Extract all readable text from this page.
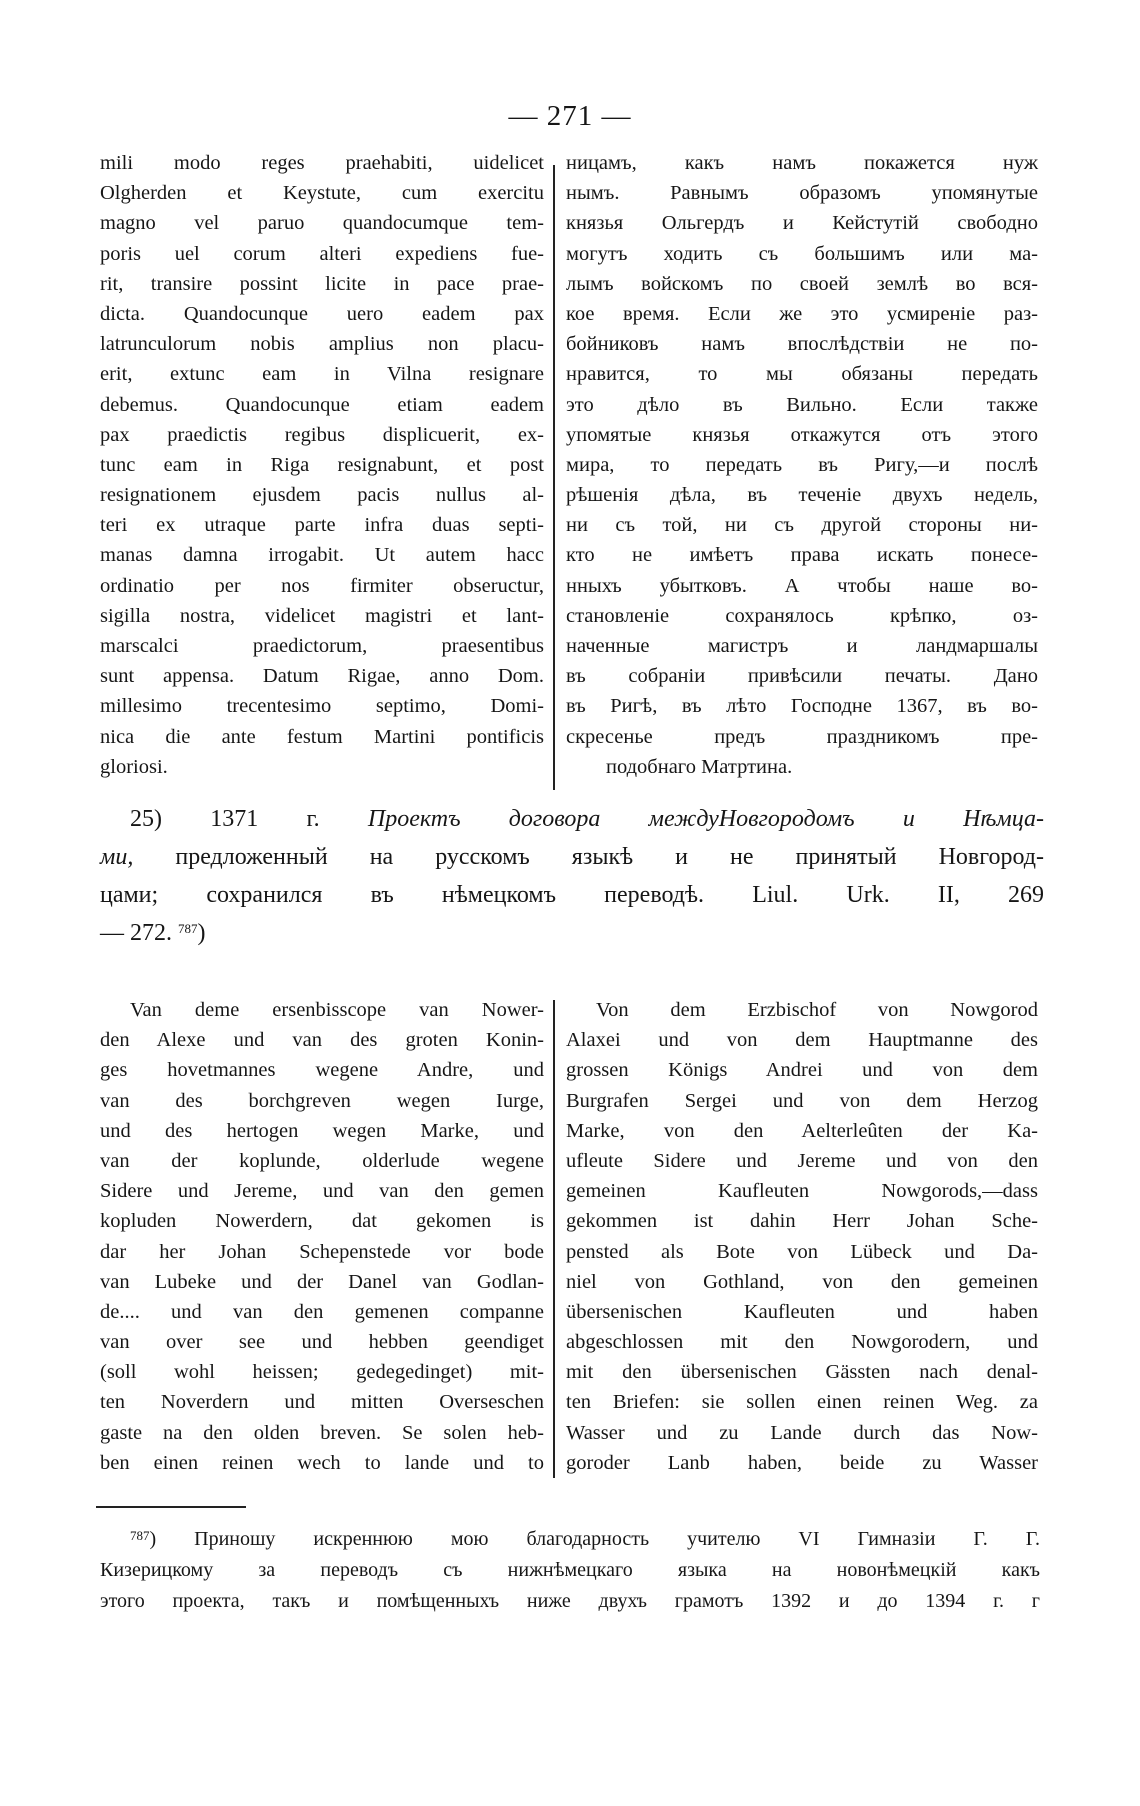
— 271 —
mili modo reges praehabiti, uidelicet
Olgherden et Keystute, cum exercitu
magno vel paruo quandocumque tem-
poris uel corum alteri expediens fue-
rit, transire possint licite in pace prae-
dicta. Quandocunque uero eadem pax
latrunculorum nobis amplius non placu-
erit, extunc eam in Vilna resignare
debemus. Quandocunque etiam eadem
pax praedictis regibus displicuerit, ex-
tunc eam in Riga resignabunt, et post
resignationem ejusdem pacis nullus al-
teri ex utraque parte infra duas septi-
manas damna irrogabit. Ut autem hacc
ordinatio per nos firmiter obseructur,
sigilla nostra, videlicet magistri et lant-
marscalci praedictorum, praesentibus
sunt appensa. Datum Rigae, anno Dom.
millesimo trecentesimo septimo, Domi-
nica die ante festum Martini pontificis
gloriosi.
ницамъ, какъ намъ покажется нуж
нымъ. Равнымъ образомъ упомянутые
князья Ольгердъ и Кейстутій свободно
могутъ ходить съ большимъ или ма-
лымъ войскомъ по своей землѣ во вся-
кое время. Если же это усмиреніе раз-
бойниковъ намъ впослѣдствіи не по-
нравится, то мы обязаны передать
это дѣло въ Вильно. Если также
упомятые князья откажутся отъ этого
мира, то передать въ Ригу,—и послѣ
рѣшенія дѣла, въ теченіе двухъ недель,
ни съ той, ни съ другой стороны ни-
кто не имѣетъ права искать понесе-
нныхъ убытковъ. А чтобы наше во-
становленіе сохранялось крѣпко, оз-
наченные магистръ и ландмаршалы
въ собраніи привѣсили печаты. Дано
въ Ригѣ, въ лѣто Господне 1367, въ во-
скресенье предъ праздникомъ пре-
подобнаго Матртина.
25) 1371 г. Проектъ договора междуНовгородомъ и Нѣмца-
ми, предложенный на русскомъ языкѣ и не принятый Новгород-
цами; сохранился въ нѣмецкомъ переводѣ. Liul. Urk. II, 269
— 272. $^{787}$)
Van deme ersenbisscope van Nower-
den Alexe und van des groten Konin-
ges hovetmannes wegene Andre, und
van des borchgreven wegen Iurge,
und des hertogen wegen Marke, und
van der koplunde, olderlude wegene
Sidere und Jereme, und van den gemen
kopluden Nowerdern, dat gekomen is
dar her Johan Schepenstede vor bode
van Lubeke und der Danel van Godlan-
de.... und van den gemenen companne
van over see und hebben geendiget
(soll wohl heissen; gedegedinget) mit-
ten Noverdern und mitten Overseschen
gaste na den olden breven. Se solen heb-
ben einen reinen wech to lande und to
Von dem Erzbischof von Nowgorod
Alaxei und von dem Hauptmanne des
grossen Königs Andrei und von dem
Burgrafen Sergei und von dem Herzog
Marke, von den Aelterleûten der Ka-
ufleute Sidere und Jereme und von den
gemeinen Kaufleuten Nowgorods,—dass
gekommen ist dahin Herr Johan Sche-
pensted als Bote von Lübeck und Da-
niel von Gothland, von den gemeinen
übersenischen Kaufleuten und haben
abgeschlossen mit den Nowgorodern, und
mit den übersenischen Gässten nach denal-
ten Briefen: sie sollen einen reinen Weg. za
Wasser und zu Lande durch das Now-
goroder Lanb haben, beide zu Wasser
$^{787}$) Приношу искреннюю мою благодарность учителю VI Гимназіи Г. Г.
Кизерицкому за переводъ съ нижнѣмецкаго языка на новонѣмецкій какъ
этого проекта, такъ и помѣщенныхъ ниже двухъ грамотъ 1392 и до 1394 г. г
